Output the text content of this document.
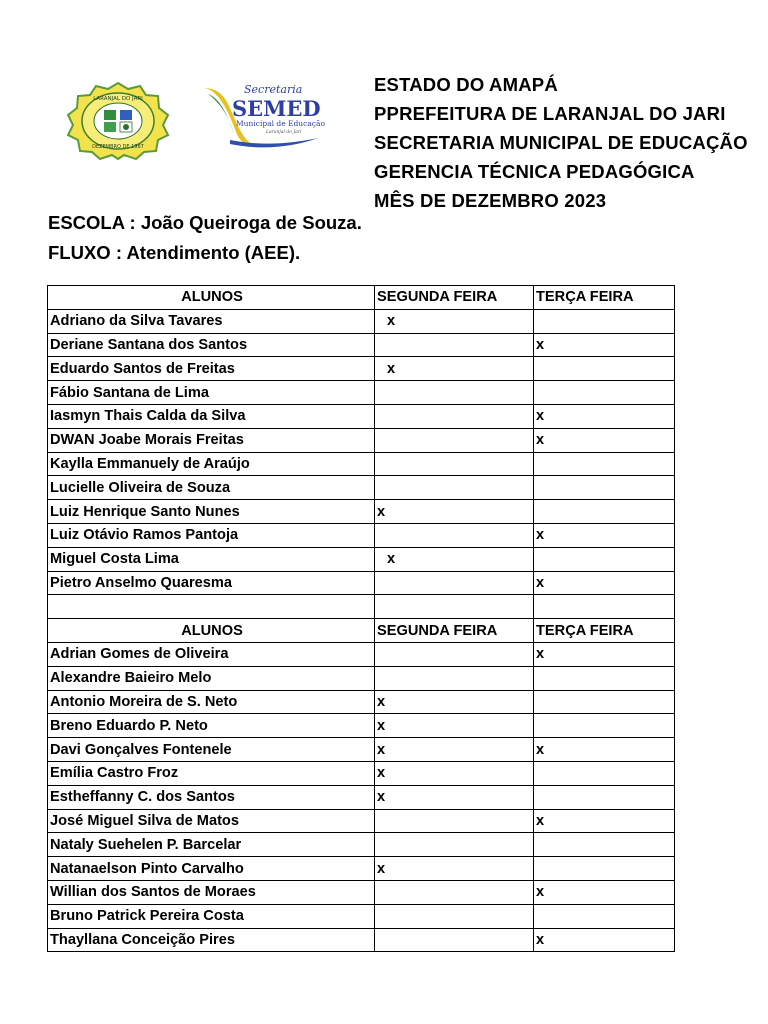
LARANJAL DO JARI
DEZEMBRO DE 1987
Secretaria
SEMED
Municipal de Educação
Laranjal do Jari
ESTADO DO AMAPÁ
PPREFEITURA DE LARANJAL DO JARI
SECRETARIA MUNICIPAL DE EDUCAÇÃO
GERENCIA TÉCNICA PEDAGÓGICA
MÊS DE DEZEMBRO 2023
ESCOLA : João Queiroga de Souza.
FLUXO : Atendimento (AEE).
ALUNOS	SEGUNDA FEIRA	TERÇA FEIRA
Adriano da Silva Tavares	x	
Deriane Santana dos Santos		x
Eduardo Santos de Freitas	x	
Fábio Santana de Lima		
Iasmyn Thais Calda da Silva		x
DWAN Joabe Morais Freitas		x
Kaylla Emmanuely de Araújo		
Lucielle Oliveira de Souza		
Luiz Henrique Santo Nunes	x	
Luiz Otávio Ramos Pantoja		x
Miguel Costa Lima	x	
Pietro Anselmo Quaresma		x

ALUNOS	SEGUNDA FEIRA	TERÇA FEIRA
Adrian Gomes de Oliveira		x
Alexandre Baieiro Melo		
Antonio Moreira de S. Neto	x	
Breno Eduardo P. Neto	x	
Davi Gonçalves Fontenele	x	x
Emília Castro Froz	x	
Estheffanny C. dos Santos	x	
José Miguel Silva de Matos		x
Nataly Suehelen P. Barcelar		
Natanaelson Pinto Carvalho	x	
Willian dos Santos de Moraes		x
Bruno Patrick Pereira Costa		
Thayllana Conceição Pires		x
